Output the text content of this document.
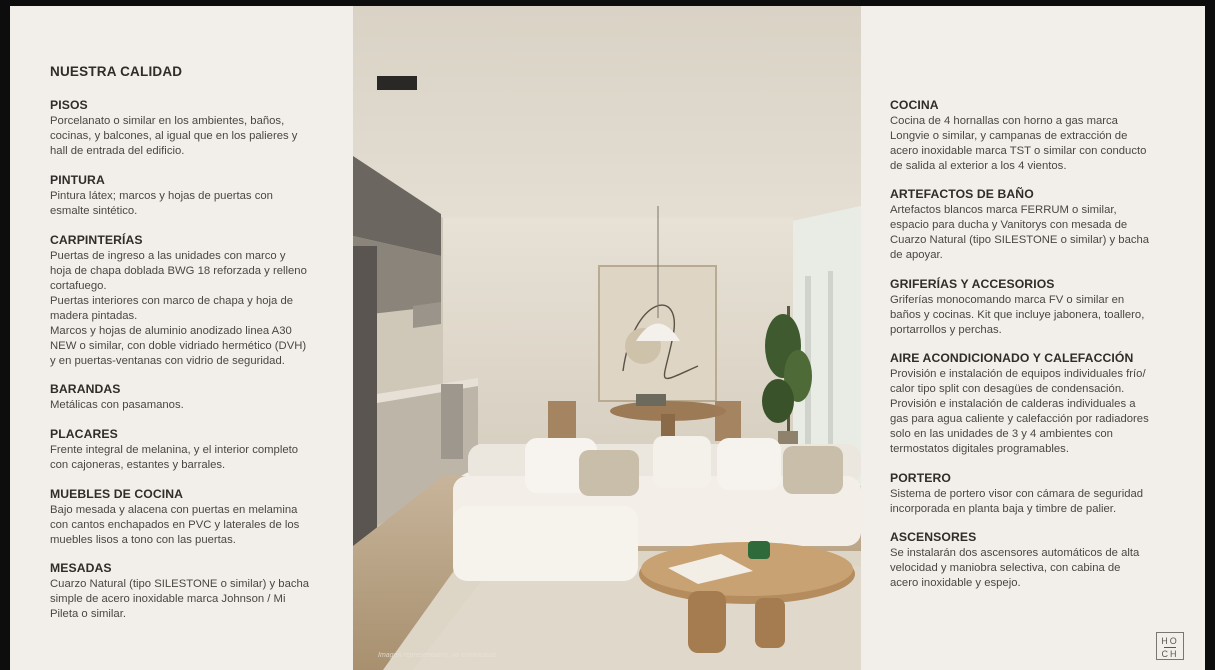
NUESTRA CALIDAD
PISOS

Porcelanato o similar en los ambientes, baños,
cocinas, y balcones, al igual que en los palieres y
hall de entrada del edificio.

PINTURA

Pintura látex; marcos y hojas de puertas con
esmalte sintético.

CARPINTERÍAS

Puertas de ingreso a las unidades con marco y
hoja de chapa doblada BWG 18 reforzada y relleno
cortafuego.
Puertas interiores con marco de chapa y hoja de
madera pintadas.
Marcos y hojas de aluminio anodizado linea A30
NEW o similar, con doble vidriado hermético (DVH)
y en puertas-ventanas con vidrio de seguridad.

BARANDAS

Metálicas con pasamanos.

PLACARES

Frente integral de melanina, y el interior completo
con cajoneras, estantes y barrales.

MUEBLES DE COCINA

Bajo mesada y alacena con puertas en melamina
con cantos enchapados en PVC y laterales de los
muebles lisos a tono con las puertas.

MESADAS

Cuarzo Natural (tipo SILESTONE o similar) y bacha
simple de acero inoxidable marca Johnson / Mi
Pileta o similar.

Imagen representativa, no contractual.
COCINA

Cocina de 4 hornallas con horno a gas marca
Longvie o similar, y campanas de extracción de
acero inoxidable marca TST o similar con conducto
de salida al exterior a los 4 vientos.

ARTEFACTOS DE BAÑO

Artefactos blancos marca FERRUM o similar,
espacio para ducha y Vanitorys con mesada de
Cuarzo Natural (tipo SILESTONE o similar) y bacha
de apoyar.

GRIFERÍAS Y ACCESORIOS

Griferías monocomando marca FV o similar en
baños y cocinas. Kit que incluye jabonera, toallero,
portarrollos y perchas.

AIRE ACONDICIONADO Y CALEFACCIÓN

Provisión e instalación de equipos individuales frío/
calor tipo split con desagües de condensación.
Provisión e instalación de calderas individuales a
gas para agua caliente y calefacción por radiadores
solo en las unidades de 3 y 4 ambientes con
termostatos digitales programables.

PORTERO

Sistema de portero visor con cámara de seguridad
incorporada en planta baja y timbre de palier.

ASCENSORES

Se instalarán dos ascensores automáticos de alta
velocidad y maniobra selectiva, con cabina de
acero inoxidable y espejo.

HO
CH
